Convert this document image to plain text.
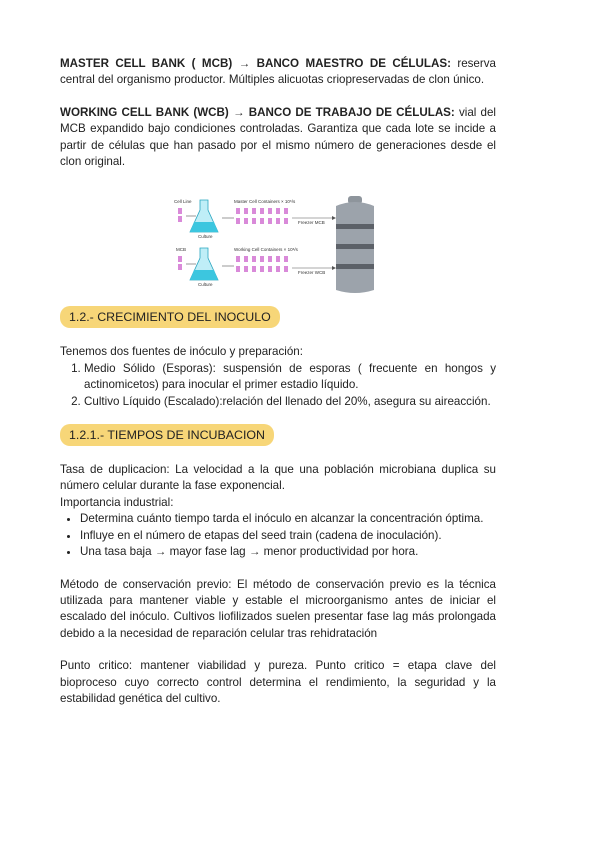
MASTER CELL BANK ( MCB) → BANCO MAESTRO DE CÉLULAS: reserva central del organismo productor. Múltiples alicuotas criopreservadas de clon único.

WORKING CELL BANK (WCB) → BANCO DE TRABAJO DE CÉLULAS: vial del MCB expandido bajo condiciones controladas. Garantiza que cada lote se incide a partir de células que han pasado por el mismo número de generaciones desde el clon original.

Cell Line
Culture
Master Cell Containers × 10⁶/s
Freezer MCB
MCB
Culture
Working Cell Containers × 10⁶/s
Freezer WCB
1.2.- CRECIMIENTO DEL INOCULO

Tenemos dos fuentes de inóculo y preparación:

1. Medio Sólido (Esporas): suspensión de esporas ( frecuente en hongos y actinomicetos) para inocular el primer estadio líquido.
2. Cultivo Líquido (Escalado):relación del llenado del 20%, asegura su aireacción.
1.2.1.- TIEMPOS DE INCUBACION

Tasa de duplicacion: La velocidad a la que una población microbiana duplica su número celular durante la fase exponencial.

Importancia industrial:

• Determina cuánto tiempo tarda el inóculo en alcanzar la concentración óptima.
• Influye en el número de etapas del seed train (cadena de inoculación).
• Una tasa baja → mayor fase lag → menor productividad por hora.

Método de conservación previo: El método de conservación previo es la técnica utilizada para mantener viable y estable el microorganismo antes de iniciar el escalado del inóculo. Cultivos liofilizados suelen presentar fase lag más prolongada debido a la necesidad de reparación celular tras rehidratación

Punto critico: mantener viabilidad y pureza. Punto critico = etapa clave del bioproceso cuyo correcto control determina el rendimiento, la seguridad y la estabilidad genética del cultivo.
